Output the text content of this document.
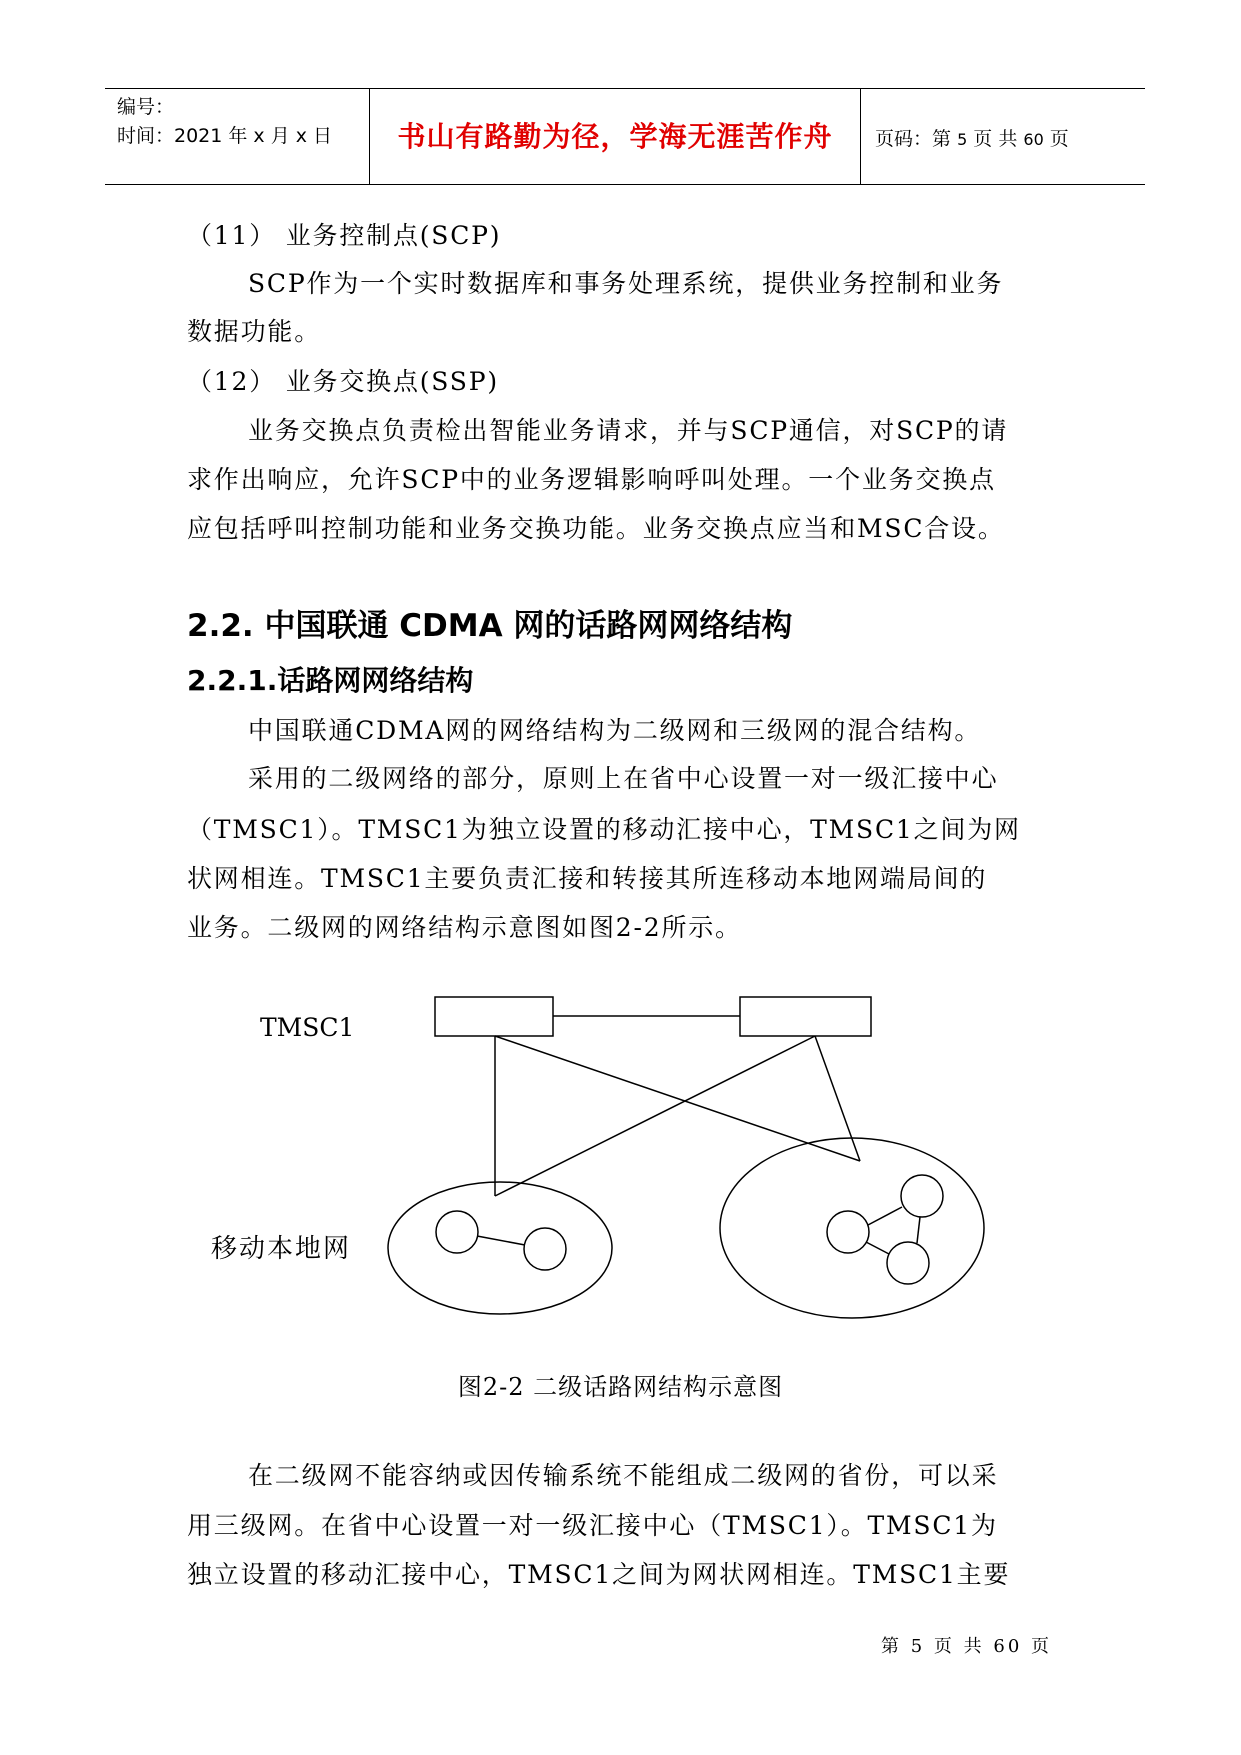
编号：
时间：2021 年 x 月 x 日	书山有路勤为径，学海无涯苦作舟	页码：第 5 页 共 60 页
（11） 业务控制点(SCP)
SCP作为一个实时数据库和事务处理系统，提供业务控制和业务
数据功能。
（12） 业务交换点(SSP)
业务交换点负责检出智能业务请求，并与SCP通信，对SCP的请
求作出响应，允许SCP中的业务逻辑影响呼叫处理。一个业务交换点
应包括呼叫控制功能和业务交换功能。业务交换点应当和MSC合设。
2.2. 中国联通 CDMA 网的话路网网络结构
2.2.1.话路网网络结构
中国联通CDMA网的网络结构为二级网和三级网的混合结构。
采用的二级网络的部分，原则上在省中心设置一对一级汇接中心
（TMSC1）。TMSC1为独立设置的移动汇接中心，TMSC1之间为网
状网相连。TMSC1主要负责汇接和转接其所连移动本地网端局间的
业务。二级网的网络结构示意图如图2-2所示。
TMSC1
移动本地网
图2-2 二级话路网结构示意图
在二级网不能容纳或因传输系统不能组成二级网的省份，可以采
用三级网。在省中心设置一对一级汇接中心（TMSC1）。TMSC1为
独立设置的移动汇接中心，TMSC1之间为网状网相连。TMSC1主要
第 5 页 共 60 页
